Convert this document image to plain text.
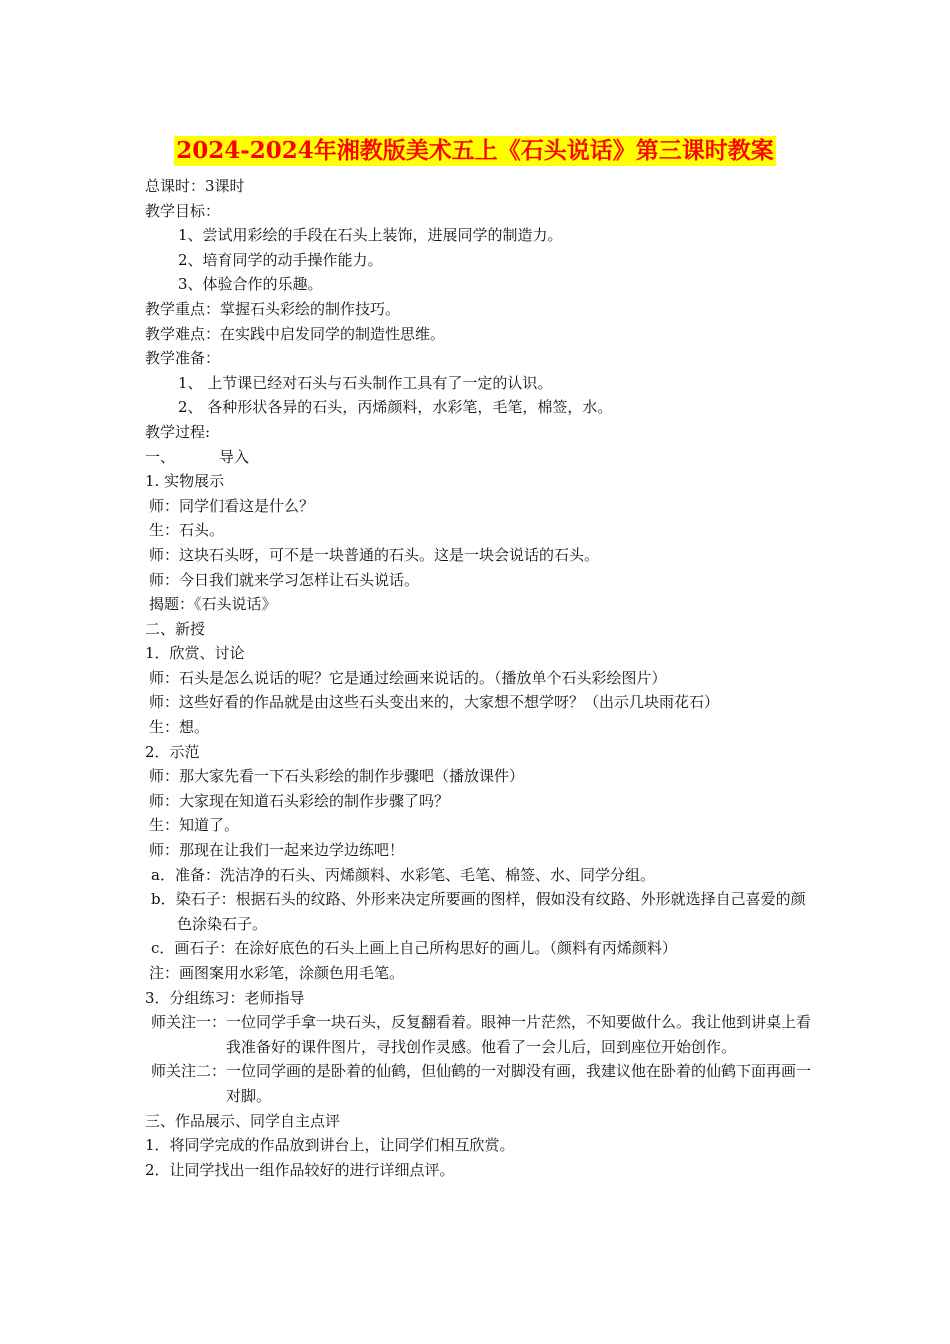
2024-2024年湘教版美术五上《石头说话》第三课时教案
总课时：3课时
教学目标：
1、尝试用彩绘的手段在石头上装饰，进展同学的制造力。
2、培育同学的动手操作能力。
3、体验合作的乐趣。
教学重点：掌握石头彩绘的制作技巧。
教学难点：在实践中启发同学的制造性思维。
教学准备：
1、 上节课已经对石头与石头制作工具有了一定的认识。
2、 各种形状各异的石头，丙烯颜料，水彩笔，毛笔，棉签，水。
教学过程:
一、	导入
1. 实物展示
师：同学们看这是什么？
生：石头。
师：这块石头呀，可不是一块普通的石头。这是一块会说话的石头。
师：今日我们就来学习怎样让石头说话。
揭题：《石头说话》
二、新授
1．欣赏、讨论
师：石头是怎么说话的呢？它是通过绘画来说话的。（播放单个石头彩绘图片）
师：这些好看的作品就是由这些石头变出来的，大家想不想学呀？（出示几块雨花石）
生：想。
2．示范
师：那大家先看一下石头彩绘的制作步骤吧（播放课件）
师：大家现在知道石头彩绘的制作步骤了吗？
生：知道了。
师：那现在让我们一起来边学边练吧！
a．准备：洗洁净的石头、丙烯颜料、水彩笔、毛笔、棉签、水、同学分组。
b．染石子：根据石头的纹路、外形来决定所要画的图样，假如没有纹路、外形就选择自己喜爱的颜色涂染石子。
c．画石子：在涂好底色的石头上画上自己所构思好的画儿。（颜料有丙烯颜料）
注：画图案用水彩笔，涂颜色用毛笔。
3．分组练习：老师指导
师关注一： 一位同学手拿一块石头，反复翻看着。眼神一片茫然，不知要做什么。我让他到讲桌上看我准备好的课件图片，寻找创作灵感。他看了一会儿后，回到座位开始创作。
师关注二： 一位同学画的是卧着的仙鹤，但仙鹤的一对脚没有画，我建议他在卧着的仙鹤下面再画一对脚。
三、作品展示、同学自主点评
1．将同学完成的作品放到讲台上，让同学们相互欣赏。
2．让同学找出一组作品较好的进行详细点评。
